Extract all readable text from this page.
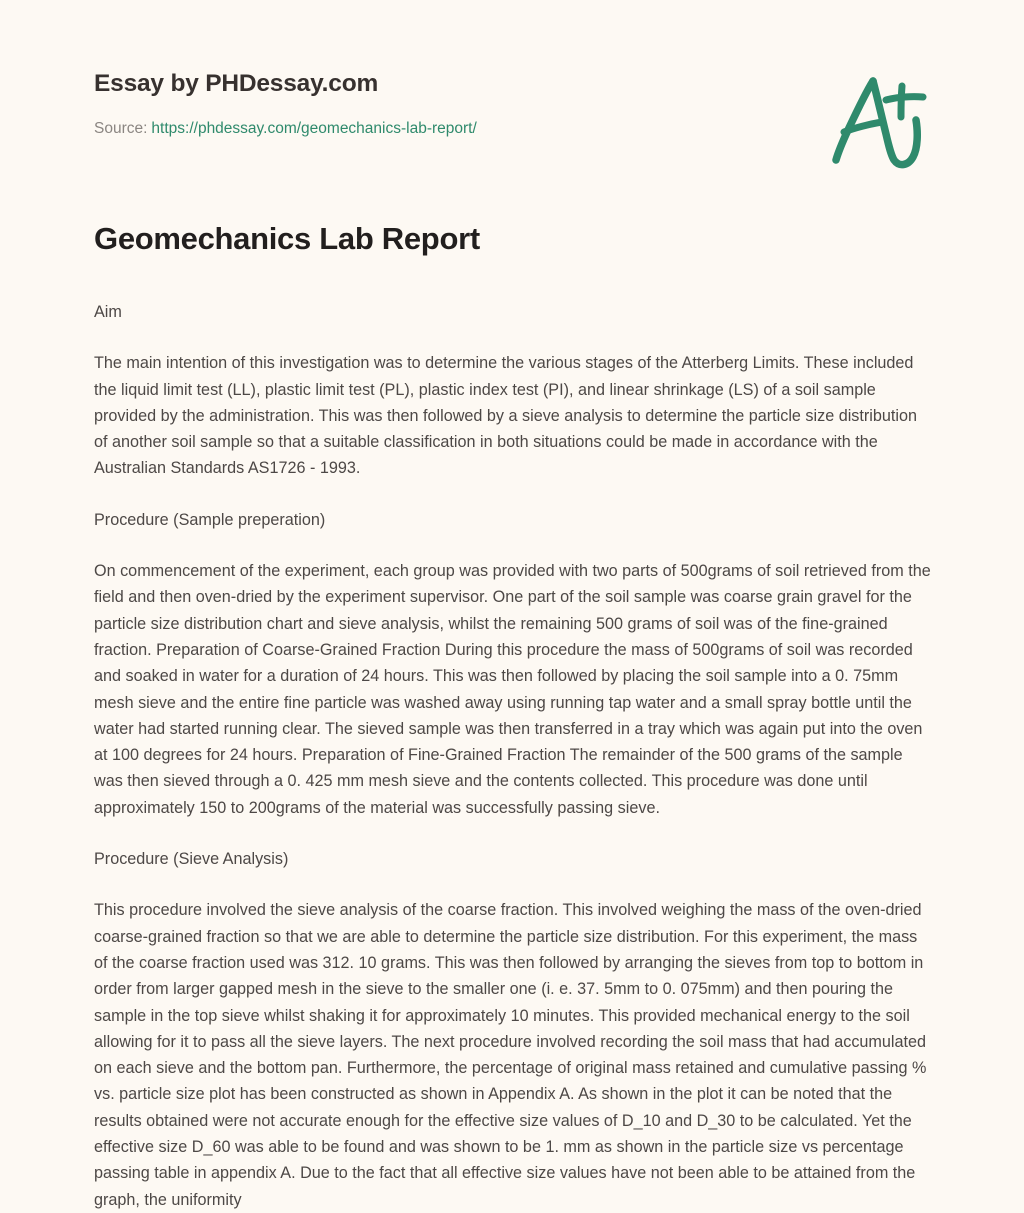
Essay by PHDessay.com
Source: https://phdessay.com/geomechanics-lab-report/
Geomechanics Lab Report

Aim

The main intention of this investigation was to determine the various stages of the Atterberg Limits. These included the liquid limit test (LL), plastic limit test (PL), plastic index test (PI), and linear shrinkage (LS) of a soil sample provided by the administration. This was then followed by a sieve analysis to determine the particle size distribution of another soil sample so that a suitable classification in both situations could be made in accordance with the Australian Standards AS1726 - 1993.

Procedure (Sample preperation)

On commencement of the experiment, each group was provided with two parts of 500grams of soil retrieved from the field and then oven-dried by the experiment supervisor. One part of the soil sample was coarse grain gravel for the particle size distribution chart and sieve analysis, whilst the remaining 500 grams of soil was of the fine-grained fraction. Preparation of Coarse-Grained Fraction During this procedure the mass of 500grams of soil was recorded and soaked in water for a duration of 24 hours. This was then followed by placing the soil sample into a 0. 75mm mesh sieve and the entire fine particle was washed away using running tap water and a small spray bottle until the water had started running clear. The sieved sample was then transferred in a tray which was again put into the oven at 100 degrees for 24 hours. Preparation of Fine-Grained Fraction The remainder of the 500 grams of the sample was then sieved through a 0. 425 mm mesh sieve and the contents collected. This procedure was done until approximately 150 to 200grams of the material was successfully passing sieve.

Procedure (Sieve Analysis)

This procedure involved the sieve analysis of the coarse fraction. This involved weighing the mass of the oven-dried coarse-grained fraction so that we are able to determine the particle size distribution. For this experiment, the mass of the coarse fraction used was 312. 10 grams. This was then followed by arranging the sieves from top to bottom in order from larger gapped mesh in the sieve to the smaller one (i. e. 37. 5mm to 0. 075mm) and then pouring the sample in the top sieve whilst shaking it for approximately 10 minutes. This provided mechanical energy to the soil allowing for it to pass all the sieve layers. The next procedure involved recording the soil mass that had accumulated on each sieve and the bottom pan. Furthermore, the percentage of original mass retained and cumulative passing % vs. particle size plot has been constructed as shown in Appendix A. As shown in the plot it can be noted that the results obtained were not accurate enough for the effective size values of D_10 and D_30 to be calculated. Yet the effective size D_60 was able to be found and was shown to be 1. mm as shown in the particle size vs percentage passing table in appendix A. Due to the fact that all effective size values have not been able to be attained from the graph, the uniformity
